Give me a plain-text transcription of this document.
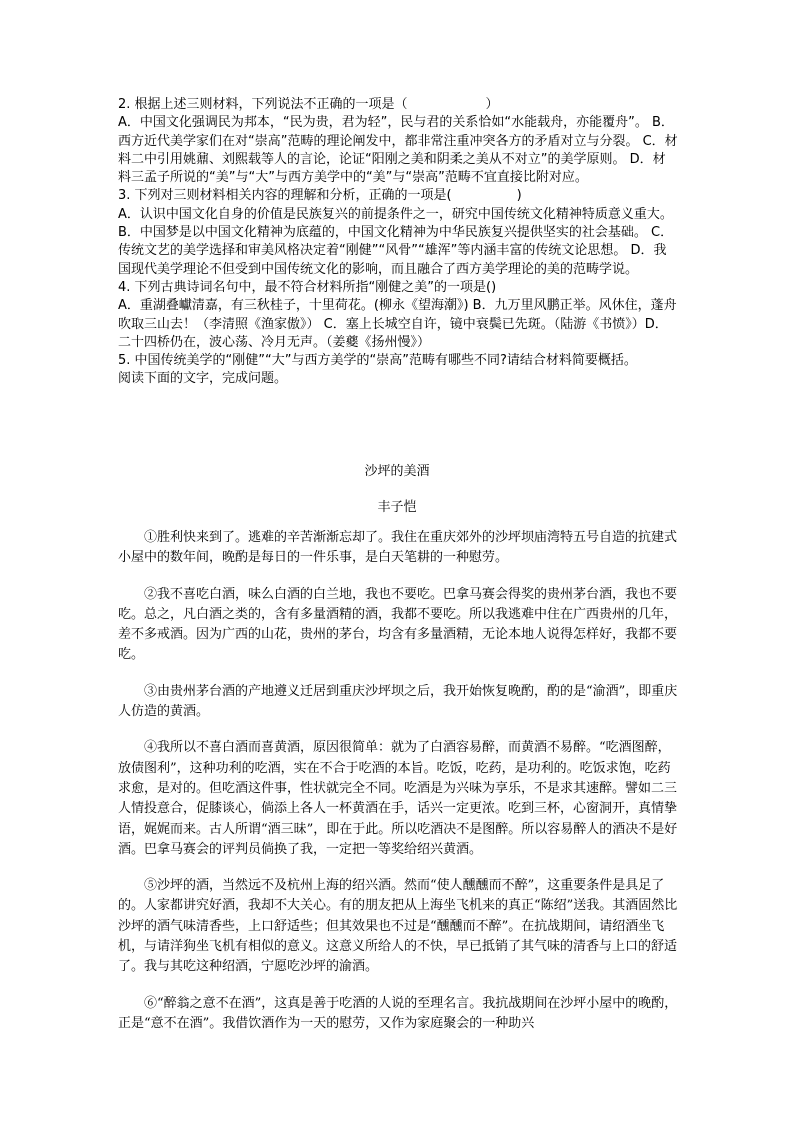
2. 根据上述三则材料，下列说法不正确的一项是（　　　　　　）

A．中国文化强调民为邦本，“民为贵，君为轻”，民与君的关系恰如“水能载舟，亦能覆舟”。 B．西方近代美学家们在对“崇高”范畴的理论阐发中，都非常注重冲突各方的矛盾对立与分裂。 C．材料二中引用姚鼐、刘熙载等人的言论，论证“阳刚之美和阴柔之美从不对立”的美学原则。 D．材料三孟子所说的“美”与“大”与西方美学中的“美”与“崇高”范畴不宜直接比附对应。

3. 下列对三则材料相关内容的理解和分析，正确的一项是(　　　　　)

A．认识中国文化自身的价值是民族复兴的前提条件之一，研究中国传统文化精神特质意义重大。 B．中国梦是以中国文化精神为底蕴的，中国文化精神为中华民族复兴提供坚实的社会基础。 C．传统文艺的美学选择和审美风格决定着“刚健”“风骨”“雄浑”等内涵丰富的传统文论思想。 D．我国现代美学理论不但受到中国传统文化的影响，而且融合了西方美学理论的美的范畴学说。

4. 下列古典诗词名句中，最不符合材料所指“刚健之美”的一项是()

A．重湖叠巘清嘉，有三秋桂子，十里荷花。(柳永《望海潮》) B．九万里风鹏正举。风休住，蓬舟吹取三山去！（李清照《渔家傲》） C．塞上长城空自许，镜中衰鬓已先斑。（陆游《书愤》）D．二十四桥仍在，波心荡、冷月无声。（姜夔《扬州慢》）

5. 中国传统美学的“刚健”“大”与西方美学的“崇高”范畴有哪些不同?请结合材料简要概括。

阅读下面的文字，完成问题。

沙坪的美酒
丰子恺

①胜利快来到了。逃难的辛苦渐渐忘却了。我住在重庆郊外的沙坪坝庙湾特五号自造的抗建式小屋中的数年间，晚酌是每日的一件乐事，是白天笔耕的一种慰劳。

②我不喜吃白酒，味么白酒的白兰地，我也不要吃。巴拿马赛会得奖的贵州茅台酒，我也不要吃。总之，凡白酒之类的，含有多量酒精的酒，我都不要吃。所以我逃难中住在广西贵州的几年，差不多戒酒。因为广西的山花，贵州的茅台，均含有多量酒精，无论本地人说得怎样好，我都不要吃。

③由贵州茅台酒的产地遵义迁居到重庆沙坪坝之后，我开始恢复晚酌，酌的是“渝酒”，即重庆人仿造的黄酒。

④我所以不喜白酒而喜黄酒，原因很简单：就为了白酒容易醉，而黄酒不易醉。“吃酒图醉，放债图利”，这种功利的吃酒，实在不合于吃酒的本旨。吃饭，吃药，是功利的。吃饭求饱，吃药求愈，是对的。但吃酒这件事，性状就完全不同。吃酒是为兴味为享乐，不是求其速醉。譬如二三人情投意合，促膝谈心，倘添上各人一杯黄酒在手，话兴一定更浓。吃到三杯，心窗洞开，真情挚语，娓娓而来。古人所谓“酒三昧”，即在于此。所以吃酒决不是图醉。所以容易醉人的酒决不是好酒。巴拿马赛会的评判员倘换了我，一定把一等奖给绍兴黄酒。

⑤沙坪的酒，当然远不及杭州上海的绍兴酒。然而“使人醺醺而不醉”，这重要条件是具足了的。人家都讲究好酒，我却不大关心。有的朋友把从上海坐飞机来的真正“陈绍”送我。其酒固然比沙坪的酒气味清香些，上口舒适些；但其效果也不过是“醺醺而不醉”。在抗战期间，请绍酒坐飞机，与请洋狗坐飞机有相似的意义。这意义所给人的不快，早已抵销了其气味的清香与上口的舒适了。我与其吃这种绍酒，宁愿吃沙坪的渝酒。

⑥“醉翁之意不在酒”，这真是善于吃酒的人说的至理名言。我抗战期间在沙坪小屋中的晚酌，正是“意不在酒”。我借饮酒作为一天的慰劳，又作为家庭聚会的一种助兴
